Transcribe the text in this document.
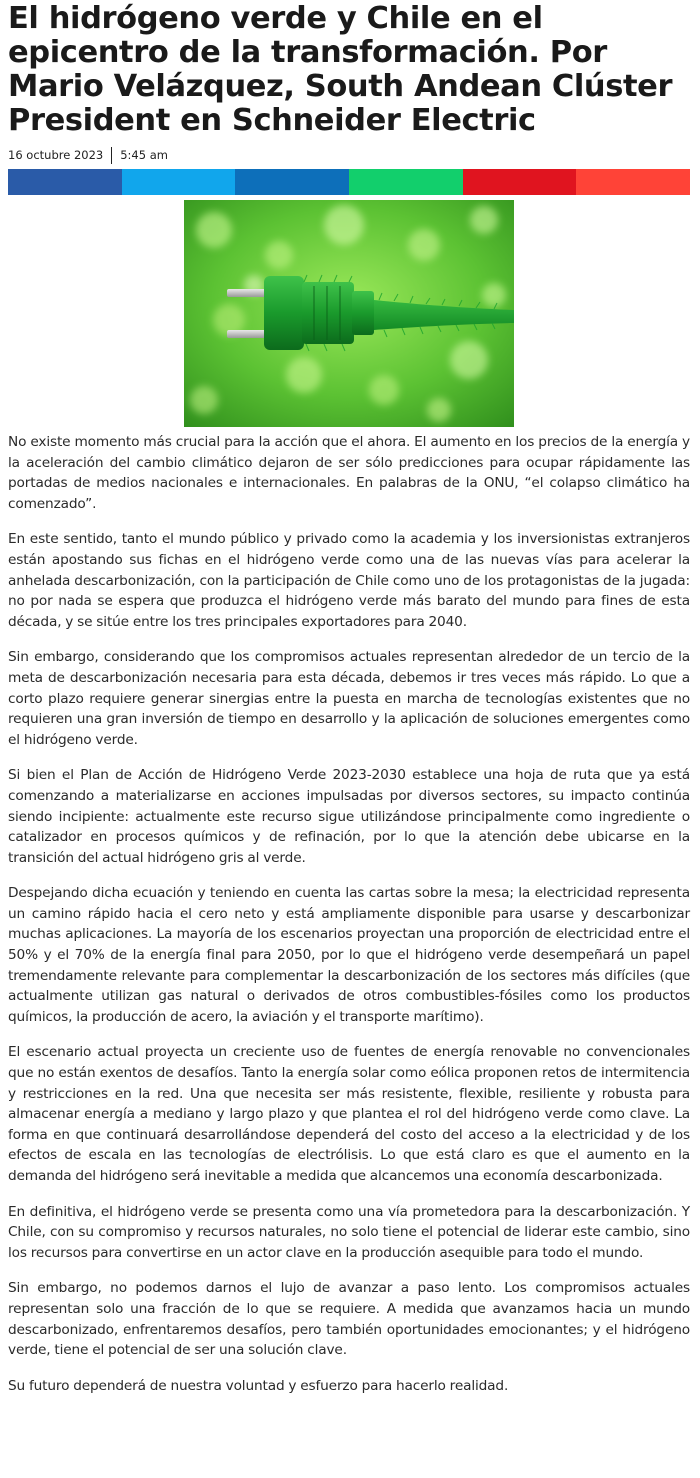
El hidrógeno verde y Chile en el epicentro de la transformación. Por Mario Velázquez, South Andean Clúster President en Schneider Electric
16 octubre 2023 5:45 am

No existe momento más crucial para la acción que el ahora. El aumento en los precios de la energía y la aceleración del cambio climático dejaron de ser sólo predicciones para ocupar rápidamente las portadas de medios nacionales e internacionales. En palabras de la ONU, “el colapso climático ha comenzado”.

En este sentido, tanto el mundo público y privado como la academia y los inversionistas extranjeros están apostando sus fichas en el hidrógeno verde como una de las nuevas vías para acelerar la anhelada descarbonización, con la participación de Chile como uno de los protagonistas de la jugada: no por nada se espera que produzca el hidrógeno verde más barato del mundo para fines de esta década, y se sitúe entre los tres principales exportadores para 2040.

Sin embargo, considerando que los compromisos actuales representan alrededor de un tercio de la meta de descarbonización necesaria para esta década, debemos ir tres veces más rápido. Lo que a corto plazo requiere generar sinergias entre la puesta en marcha de tecnologías existentes que no requieren una gran inversión de tiempo en desarrollo y la aplicación de soluciones emergentes como el hidrógeno verde.

Si bien el Plan de Acción de Hidrógeno Verde 2023-2030 establece una hoja de ruta que ya está comenzando a materializarse en acciones impulsadas por diversos sectores, su impacto continúa siendo incipiente: actualmente este recurso sigue utilizándose principalmente como ingrediente o catalizador en procesos químicos y de refinación, por lo que la atención debe ubicarse en la transición del actual hidrógeno gris al verde.

Despejando dicha ecuación y teniendo en cuenta las cartas sobre la mesa; la electricidad representa un camino rápido hacia el cero neto y está ampliamente disponible para usarse y descarbonizar muchas aplicaciones. La mayoría de los escenarios proyectan una proporción de electricidad entre el 50% y el 70% de la energía final para 2050, por lo que el hidrógeno verde desempeñará un papel tremendamente relevante para complementar la descarbonización de los sectores más difíciles (que actualmente utilizan gas natural o derivados de otros combustibles-fósiles como los productos químicos, la producción de acero, la aviación y el transporte marítimo).

El escenario actual proyecta un creciente uso de fuentes de energía renovable no convencionales que no están exentos de desafíos. Tanto la energía solar como eólica proponen retos de intermitencia y restricciones en la red. Una que necesita ser más resistente, flexible, resiliente y robusta para almacenar energía a mediano y largo plazo y que plantea el rol del hidrógeno verde como clave. La forma en que continuará desarrollándose dependerá del costo del acceso a la electricidad y de los efectos de escala en las tecnologías de electrólisis. Lo que está claro es que el aumento en la demanda del hidrógeno será inevitable a medida que alcancemos una economía descarbonizada.

En definitiva, el hidrógeno verde se presenta como una vía prometedora para la descarbonización. Y Chile, con su compromiso y recursos naturales, no solo tiene el potencial de liderar este cambio, sino los recursos para convertirse en un actor clave en la producción asequible para todo el mundo.

Sin embargo, no podemos darnos el lujo de avanzar a paso lento. Los compromisos actuales representan solo una fracción de lo que se requiere. A medida que avanzamos hacia un mundo descarbonizado, enfrentaremos desafíos, pero también oportunidades emocionantes; y el hidrógeno verde, tiene el potencial de ser una solución clave.

Su futuro dependerá de nuestra voluntad y esfuerzo para hacerlo realidad.
